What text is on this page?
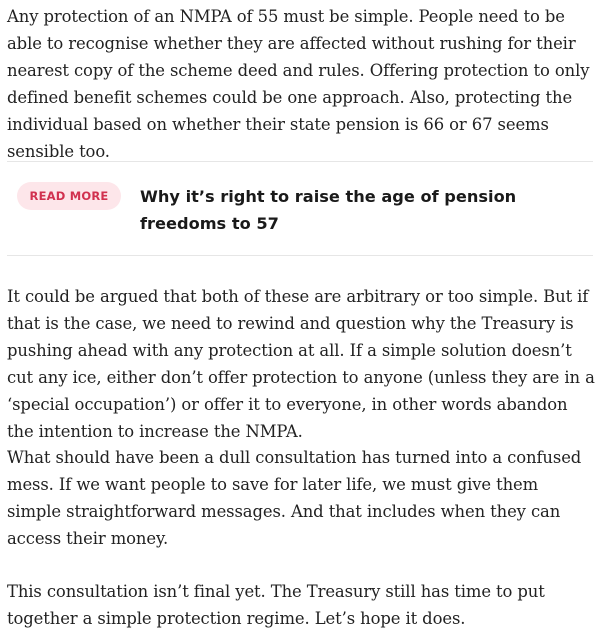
Any protection of an NMPA of 55 must be simple. People need to be able to recognise whether they are affected without rushing for their nearest copy of the scheme deed and rules. Offering protection to only defined benefit schemes could be one approach. Also, protecting the individual based on whether their state pension is 66 or 67 seems sensible too.

It could be argued that both of these are arbitrary or too simple. But if that is the case, we need to rewind and question why the Treasury is pushing ahead with any protection at all. If a simple solution doesn’t cut any ice, either don’t offer protection to anyone (unless they are in a ‘special occupation’) or offer it to everyone, in other words abandon the intention to increase the NMPA.

What should have been a dull consultation has turned into a confused mess. If we want people to save for later life, we must give them simple straightforward messages. And that includes when they can access their money.

This consultation isn’t final yet. The Treasury still has time to put together a simple protection regime. Let’s hope it does.

READ MORE	Why it’s right to raise the age of pension freedoms to 57
